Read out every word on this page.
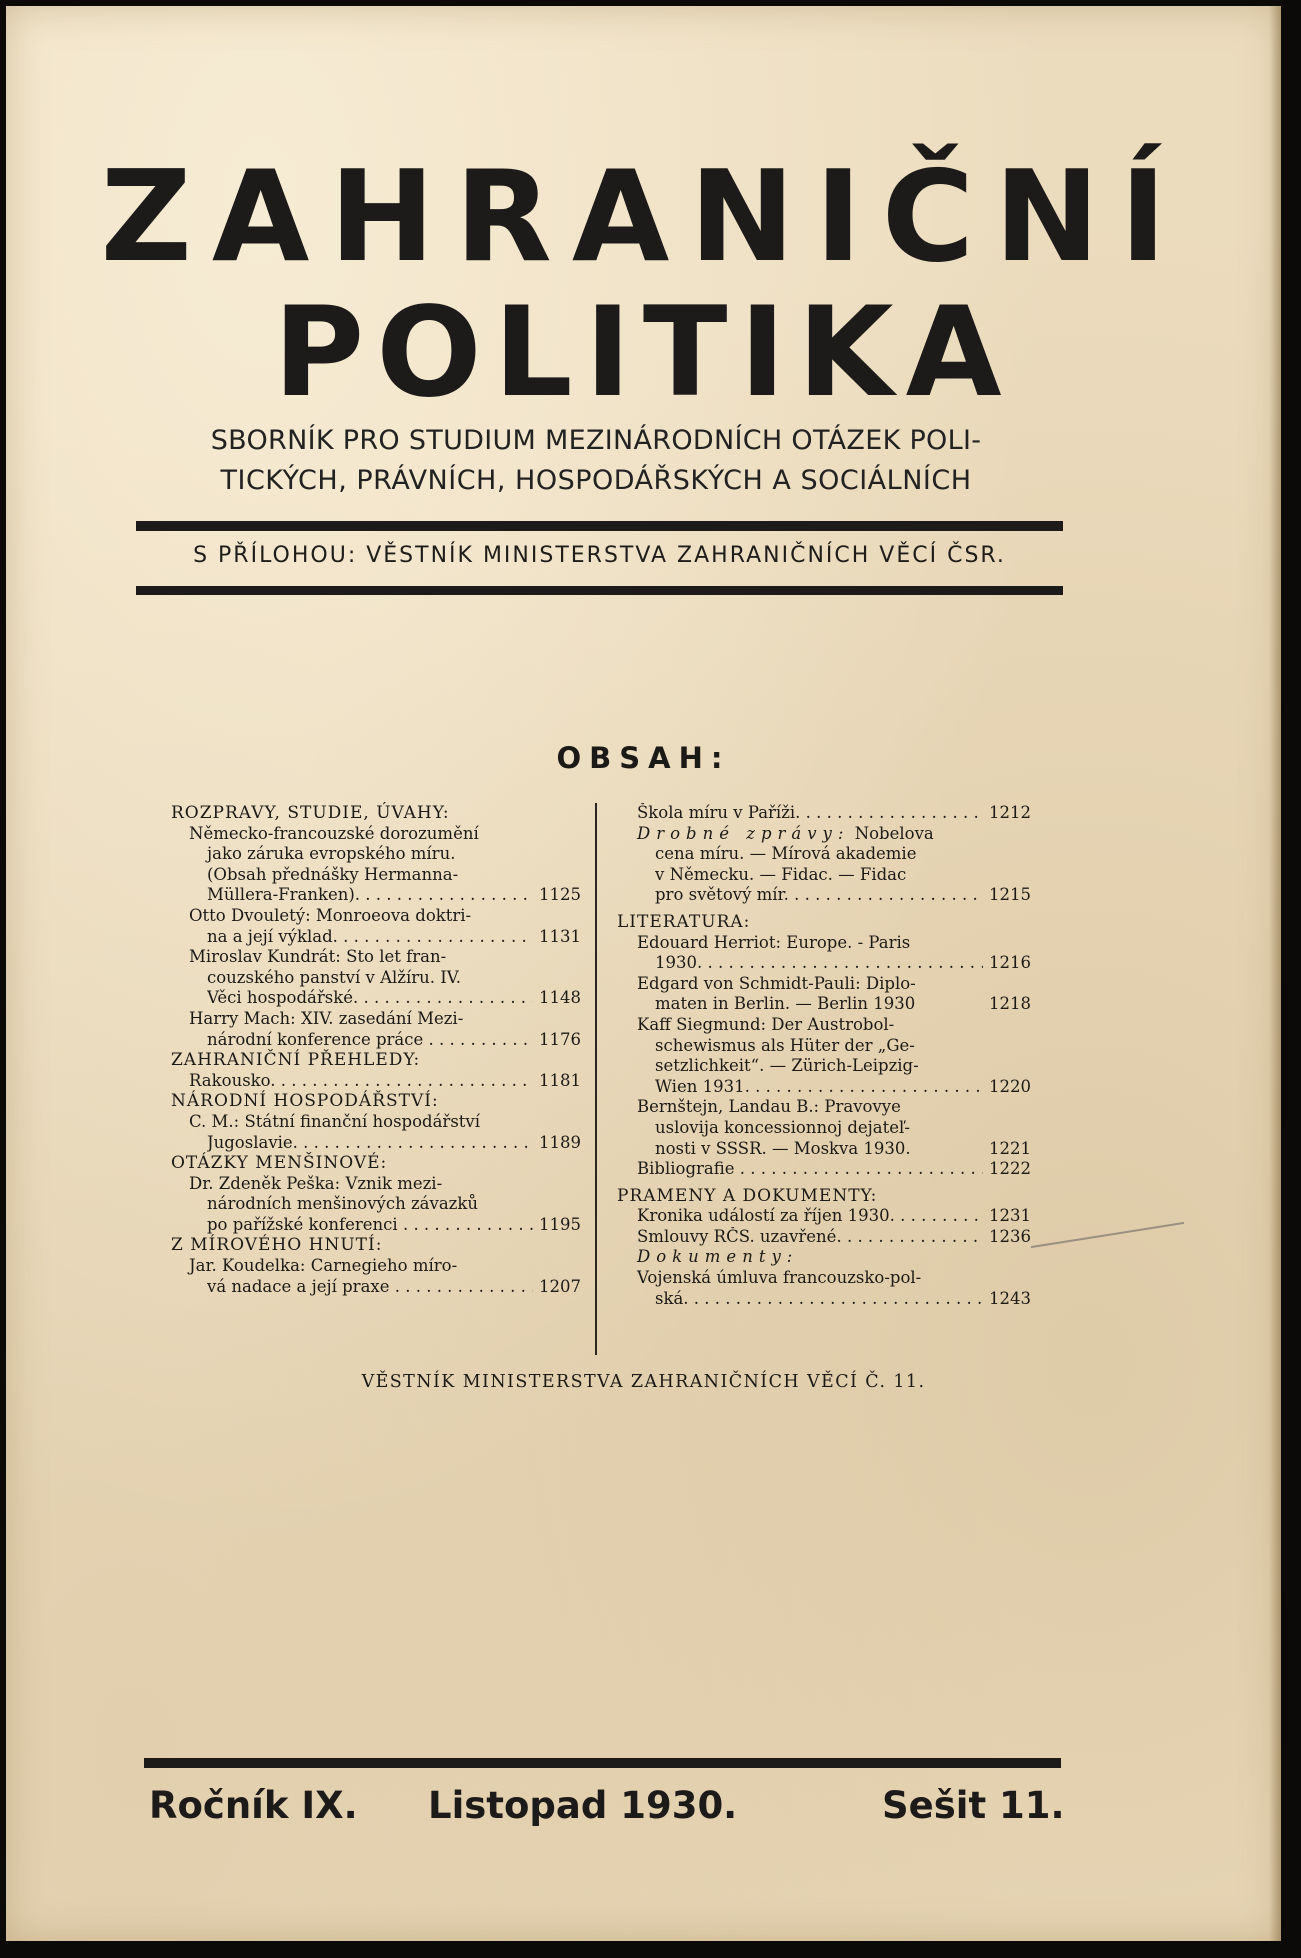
ZAHRANIČNÍ
POLITIKA
SBORNÍK PRO STUDIUM MEZINÁRODNÍCH OTÁZEK POLI-
TICKÝCH, PRÁVNÍCH, HOSPODÁŘSKÝCH A SOCIÁLNÍCH
S PŘÍLOHOU: VĚSTNÍK MINISTERSTVA ZAHRANIČNÍCH VĚCÍ ČSR.
OBSAH:
ROZPRAVY, STUDIE, ÚVAHY:
Německo-francouzské dorozumění
jako záruka evropského míru.
(Obsah přednášky Hermanna-
Müllera-Franken). . . .	1125
Otto Dvouletý: Monroeova doktri-
na a její výklad. . . .	1131
Miroslav Kundrát: Sto let fran-
couzského panství v Alžíru. IV.
Věci hospodářské. . . .	1148
Harry Mach: XIV. zasedání Mezi-
národní konference práce . . .	1176
ZAHRANIČNÍ PŘEHLEDY:
Rakousko. . . .	1181
NÁRODNÍ HOSPODÁŘSTVÍ:
C. M.: Státní finanční hospodářství
Jugoslavie. . . .	1189
OTÁZKY MENŠINOVÉ:
Dr. Zdeněk Peška: Vznik mezi-
národních menšinových závazků
po pařížské konferenci . . .	1195
Z MÍROVÉHO HNUTÍ:
Jar. Koudelka: Carnegieho míro-
vá nadace a její praxe . . .	1207
Škola míru v Paříži. . . .	1212
Drobné zprávy: Nobelova
cena míru. — Mírová akademie
v Německu. — Fidac. — Fidac
pro světový mír. . . .	1215
LITERATURA:
Edouard Herriot: Europe. - Paris
1930. . . .	1216
Edgard von Schmidt-Pauli: Diplo-
maten in Berlin. — Berlin 1930	1218
Kaff Siegmund: Der Austrobol-
schewismus als Hüter der „Ge-
setzlichkeit“. — Zürich-Leipzig-
Wien 1931. . . .	1220
Bernštejn, Landau B.: Pravovye
uslovija koncessionnoj dejateľ-
nosti v SSSR. — Moskva 1930.	1221
Bibliografie . . .	1222
PRAMENY A DOKUMENTY:
Kronika událostí za říjen 1930. . . .	1231
Smlouvy RČS. uzavřené. . . .	1236
Dokumenty:
Vojenská úmluva francouzsko-pol-
ská. . . .	1243
VĚSTNÍK MINISTERSTVA ZAHRANIČNÍCH VĚCÍ Č. 11.
Ročník IX. Listopad 1930.	Sešit 11.
